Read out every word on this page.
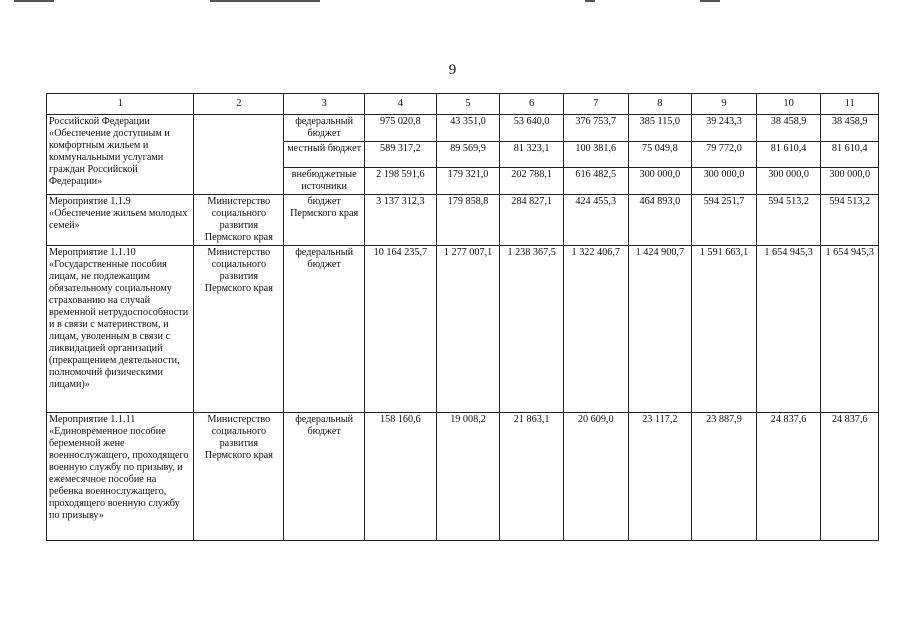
9
1	2	3	4	5	6	7	8	9	10	11
Российской Федерации «Обеспечение доступным и комфортным жильем и коммунальными услугами граждан Российской Федерации»		федеральный бюджет	975 020,8	43 351,0	53 640,0	376 753,7	385 115,0	39 243,3	38 458,9	38 458,9
		местный бюджет	589 317,2	89 569,9	81 323,1	100 381,6	75 049,8	79 772,0	81 610,4	81 610,4
		внебюджетные источники	2 198 591,6	179 321,0	202 788,1	616 482,5	300 000,0	300 000,0	300 000,0	300 000,0
Мероприятие 1.1.9 «Обеспечение жильем молодых семей»	Министерство социального развития Пермского края	бюджет Пермского края	3 137 312,3	179 858,8	284 827,1	424 455,3	464 893,0	594 251,7	594 513,2	594 513,2
Мероприятие 1.1.10 «Государственные пособия лицам, не подлежащим обязательному социальному страхованию на случай временной нетрудоспособности и в связи с материнством, и лицам, уволенным в связи с ликвидацией организаций (прекращением деятельности, полномочий физическими лицами)»	Министерство социального развития Пермского края	федеральный бюджет	10 164 235,7	1 277 007,1	1 238 367,5	1 322 406,7	1 424 900,7	1 591 663,1	1 654 945,3	1 654 945,3
Мероприятие 1.1.11 «Единовременное пособие беременной жене военнослужащего, проходящего военную службу по призыву, и ежемесячное пособие на ребенка военнослужащего, проходящего военную службу по призыву»	Министерство социального развития Пермского края	федеральный бюджет	158 160,6	19 008,2	21 863,1	20 609,0	23 117,2	23 887,9	24 837,6	24 837,6
